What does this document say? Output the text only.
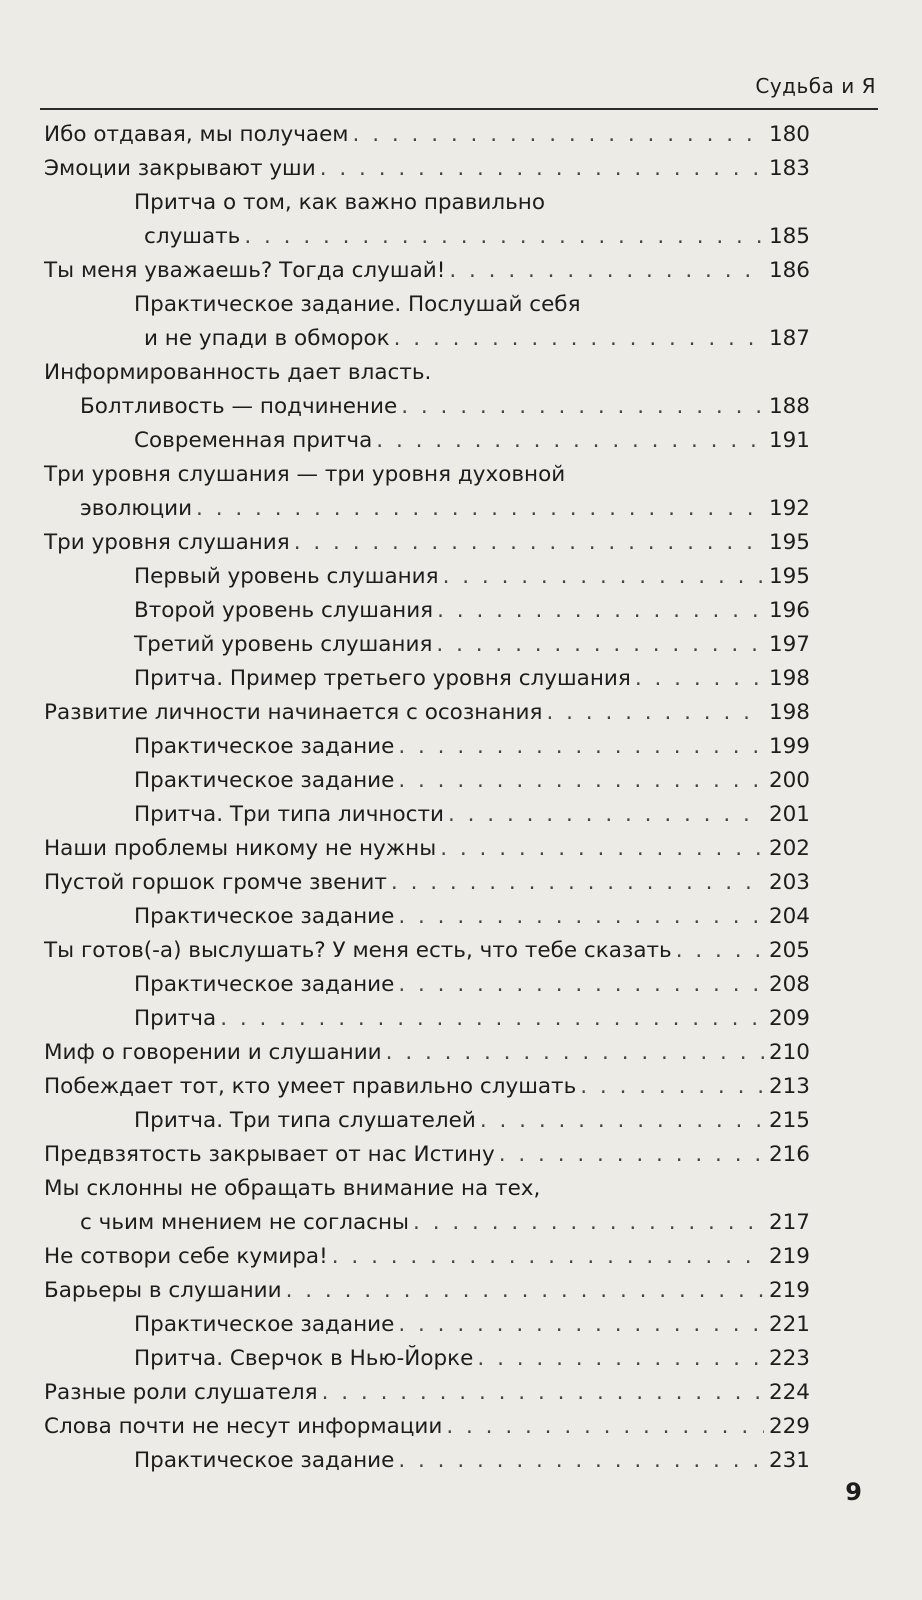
Судьба и Я
Ибо отдавая, мы получаем . . .	180
Эмоции закрывают уши . . .	183
Притча о том, как важно правильно
слушать . . .	185
Ты меня уважаешь? Тогда слушай! . . .	186
Практическое задание. Послушай себя
и не упади в обморок . . .	187
Информированность дает власть.
Болтливость — подчинение . . .	188
Современная притча . . .	191
Три уровня слушания — три уровня духовной
эволюции . . .	192
Три уровня слушания . . .	195
Первый уровень слушания . . .	195
Второй уровень слушания . . .	196
Третий уровень слушания . . .	197
Притча. Пример третьего уровня слушания . . .	198
Развитие личности начинается с осознания . . .	198
Практическое задание . . .	199
Практическое задание . . .	200
Притча. Три типа личности . . .	201
Наши проблемы никому не нужны . . .	202
Пустой горшок громче звенит . . .	203
Практическое задание . . .	204
Ты готов(-а) выслушать? У меня есть, что тебе сказать . . .	205
Практическое задание . . .	208
Притча . . .	209
Миф о говорении и слушании . . .	210
Побеждает тот, кто умеет правильно слушать . . .	213
Притча. Три типа слушателей . . .	215
Предвзятость закрывает от нас Истину . . .	216
Мы склонны не обращать внимание на тех,
с чьим мнением не согласны . . .	217
Не сотвори себе кумира! . . .	219
Барьеры в слушании . . .	219
Практическое задание . . .	221
Притча. Сверчок в Нью-Йорке . . .	223
Разные роли слушателя . . .	224
Слова почти не несут информации . . .	229
Практическое задание . . .	231
9
